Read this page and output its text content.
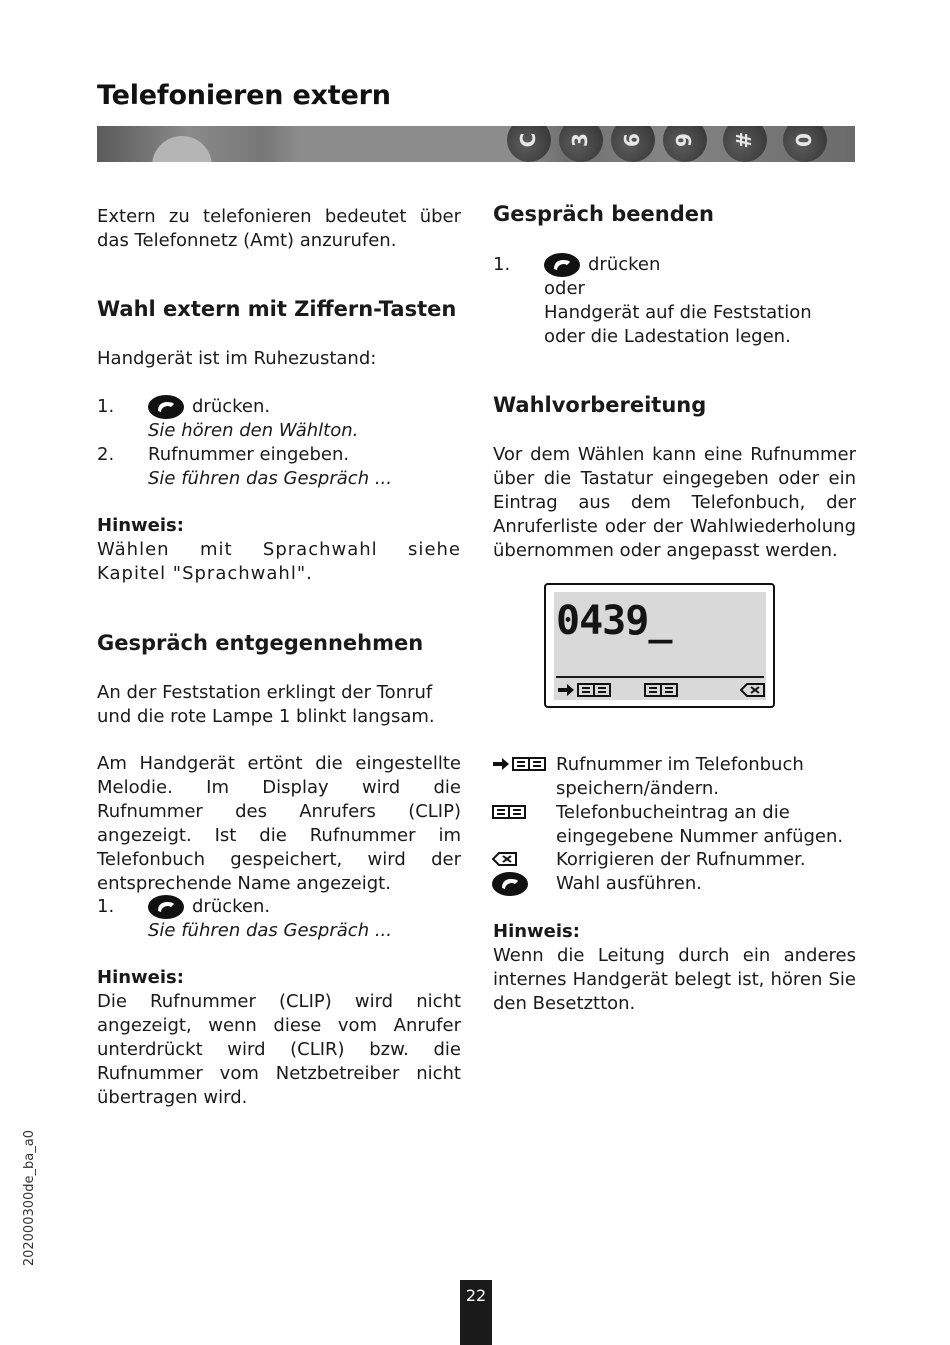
Telefonieren extern
C	3	6	9	#	0
Extern zu telefonieren bedeutet über das Telefonnetz (Amt) anzurufen.
Wahl extern mit Ziffern-Tasten
Handgerät ist im Ruhezustand:
1.	drücken.
Sie hören den Wählton.
2. Rufnummer eingeben.
Sie führen das Gespräch ...
Hinweis:
Wählen mit Sprachwahl siehe Kapitel "Sprachwahl".
Gespräch entgegennehmen
An der Feststation erklingt der Tonruf und die rote Lampe 1 blinkt langsam.
Am Handgerät ertönt die eingestellte Melodie. Im Display wird die Rufnummer des Anrufers (CLIP) angezeigt. Ist die Rufnummer im Telefonbuch gespeichert, wird der entsprechende Name angezeigt.
1.	drücken.
Sie führen das Gespräch ...
Hinweis:
Die Rufnummer (CLIP) wird nicht angezeigt, wenn diese vom Anrufer unterdrückt wird (CLIR) bzw. die Rufnummer vom Netzbetreiber nicht übertragen wird.
Gespräch beenden
1.	drücken
oder
Handgerät auf die Feststation oder die Ladestation legen.
Wahlvorbereitung
Vor dem Wählen kann eine Rufnummer über die Tastatur eingegeben oder ein Eintrag aus dem Telefonbuch, der Anruferliste oder der Wahlwiederholung übernommen oder angepasst werden.
0439_
Rufnummer im Telefonbuch speichern/ändern.
Telefonbucheintrag an die eingegebene Nummer anfügen.
Korrigieren der Rufnummer.
Wahl ausführen.
Hinweis:
Wenn die Leitung durch ein anderes internes Handgerät belegt ist, hören Sie den Besetztton.
202000300de_ba_a0
22
